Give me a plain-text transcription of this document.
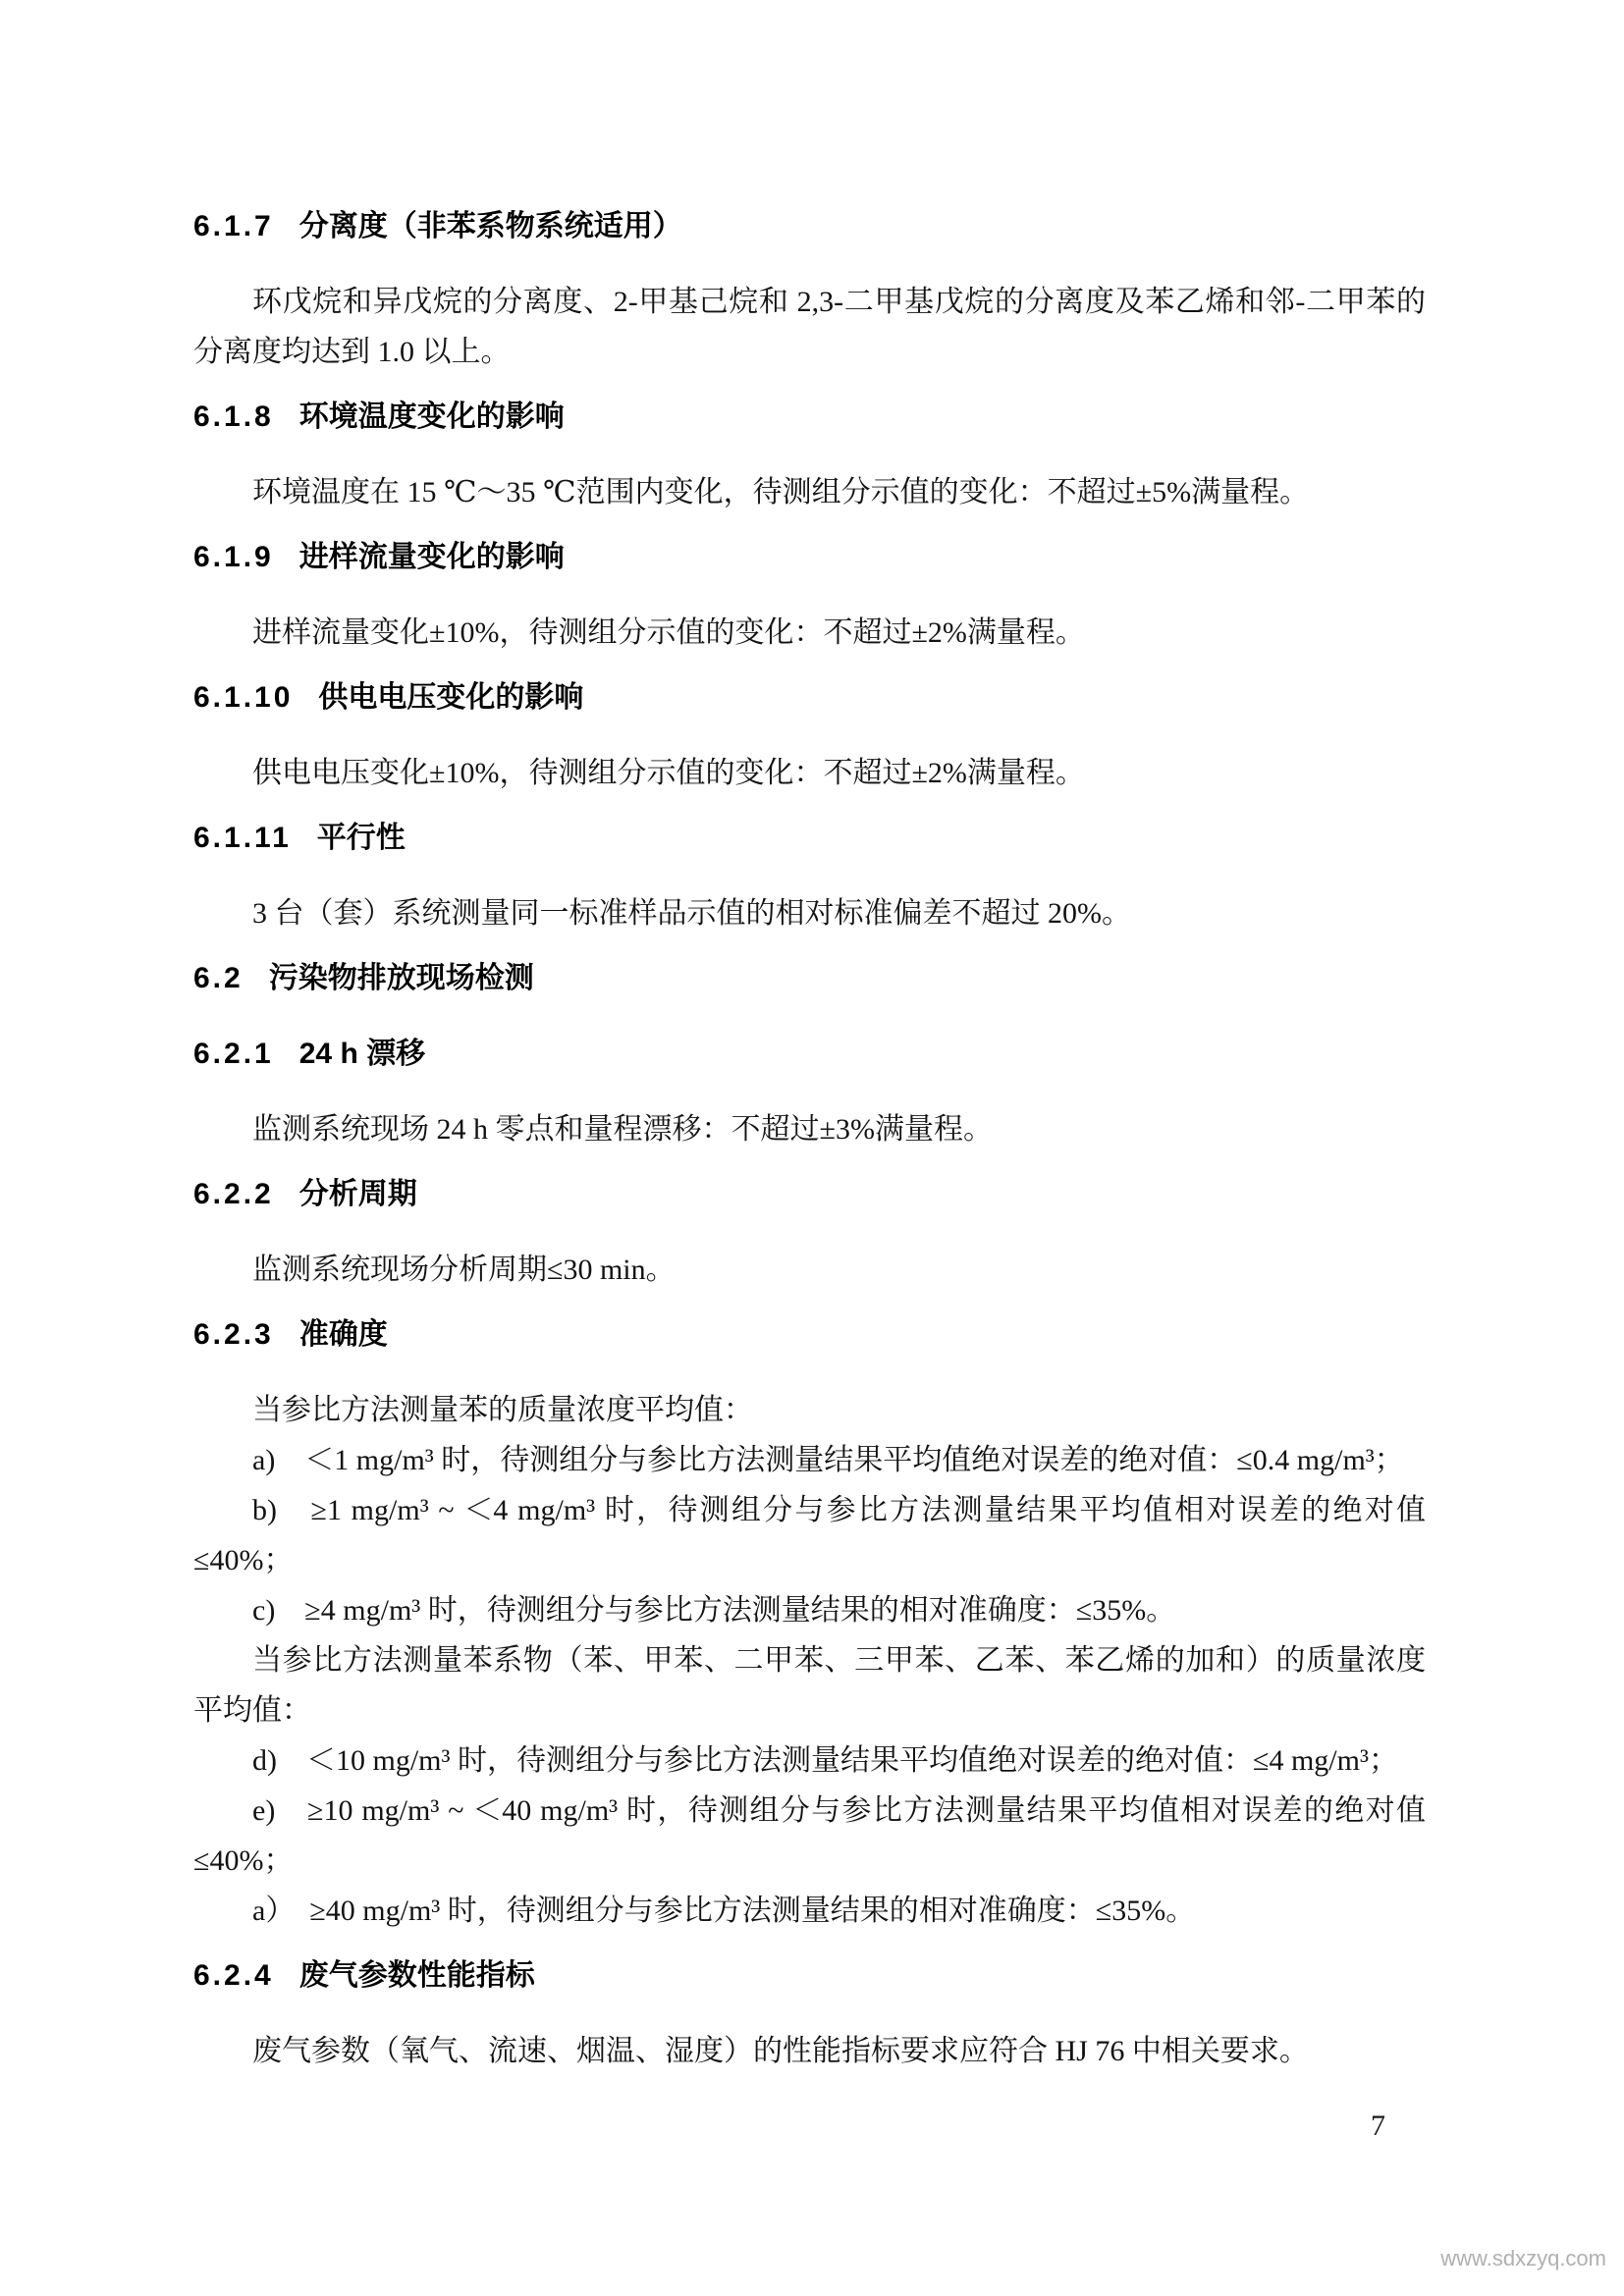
6.1.7 分离度（非苯系物系统适用）

环戊烷和异戊烷的分离度、2-甲基己烷和 2,3-二甲基戊烷的分离度及苯乙烯和邻-二甲苯的分离度均达到 1.0 以上。

6.1.8 环境温度变化的影响

环境温度在 15 ℃～35 ℃范围内变化，待测组分示值的变化：不超过±5%满量程。

6.1.9 进样流量变化的影响

进样流量变化±10%，待测组分示值的变化：不超过±2%满量程。

6.1.10 供电电压变化的影响

供电电压变化±10%，待测组分示值的变化：不超过±2%满量程。

6.1.11 平行性

3 台（套）系统测量同一标准样品示值的相对标准偏差不超过 20%。

6.2 污染物排放现场检测
6.2.1 24 h 漂移

监测系统现场 24 h 零点和量程漂移：不超过±3%满量程。

6.2.2 分析周期

监测系统现场分析周期≤30 min。

6.2.3 准确度

当参比方法测量苯的质量浓度平均值：

a)　＜1 mg/m³ 时，待测组分与参比方法测量结果平均值绝对误差的绝对值：≤0.4 mg/m³；

b)　≥1 mg/m³ ~ ＜4 mg/m³ 时，待测组分与参比方法测量结果平均值相对误差的绝对值≤40%；

c)　≥4 mg/m³ 时，待测组分与参比方法测量结果的相对准确度：≤35%。

当参比方法测量苯系物（苯、甲苯、二甲苯、三甲苯、乙苯、苯乙烯的加和）的质量浓度平均值：

d)　＜10 mg/m³ 时，待测组分与参比方法测量结果平均值绝对误差的绝对值：≤4 mg/m³；

e)　≥10 mg/m³ ~ ＜40 mg/m³ 时，待测组分与参比方法测量结果平均值相对误差的绝对值≤40%；

a）　≥40 mg/m³ 时，待测组分与参比方法测量结果的相对准确度：≤35%。

6.2.4 废气参数性能指标

废气参数（氧气、流速、烟温、湿度）的性能指标要求应符合 HJ 76 中相关要求。

7
www.sdxzyq.com
